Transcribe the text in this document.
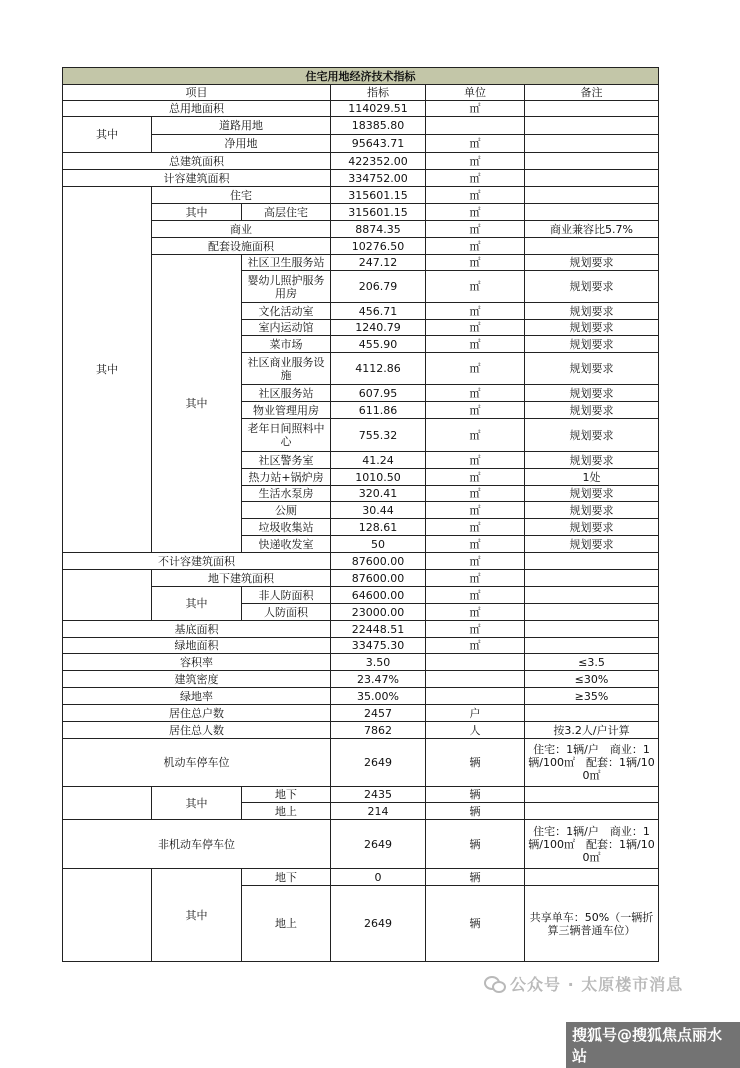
住宅用地经济技术指标					
项目			指标	单位	备注
总用地面积			114029.51	㎡	
其中	道路用地		18385.80		
	净用地		95643.71	㎡	
总建筑面积			422352.00	㎡	
计容建筑面积			334752.00	㎡	
其中	住宅		315601.15	㎡	
	其中	高层住宅	315601.15	㎡	
	商业		8874.35	㎡	商业兼容比5.7%
	配套设施面积		10276.50	㎡	
	其中	社区卫生服务站	247.12	㎡	规划要求
		婴幼儿照护服务用房	206.79	㎡	规划要求
		文化活动室	456.71	㎡	规划要求
		室内运动馆	1240.79	㎡	规划要求
		菜市场	455.90	㎡	规划要求
		社区商业服务设施	4112.86	㎡	规划要求
		社区服务站	607.95	㎡	规划要求
		物业管理用房	611.86	㎡	规划要求
		老年日间照料中心	755.32	㎡	规划要求
		社区警务室	41.24	㎡	规划要求
		热力站+锅炉房	1010.50	㎡	1处
		生活水泵房	320.41	㎡	规划要求
		公厕	30.44	㎡	规划要求
		垃圾收集站	128.61	㎡	规划要求
		快递收发室	50	㎡	规划要求
不计容建筑面积			87600.00	㎡	
	地下建筑面积		87600.00	㎡	
	其中	非人防面积	64600.00	㎡	
		人防面积	23000.00	㎡	
基底面积			22448.51	㎡	
绿地面积			33475.30	㎡	
容积率			3.50		≤3.5
建筑密度			23.47%		≤30%
绿地率			35.00%		≥35%
居住总户数			2457	户	
居住总人数			7862	人	按3.2人/户计算
机动车停车位			2649	辆	住宅：1辆/户　商业：1辆/100㎡　配套：1辆/100㎡
	其中	地下	2435	辆	
		地上	214	辆	
非机动车停车位			2649	辆	住宅：1辆/户　商业：1辆/100㎡　配套：1辆/100㎡
	其中	地下	0	辆	
		地上	2649	辆	共享单车：50%（一辆折算三辆普通车位）
公众号 · 太原楼市消息
搜狐号@搜狐焦点丽水站
